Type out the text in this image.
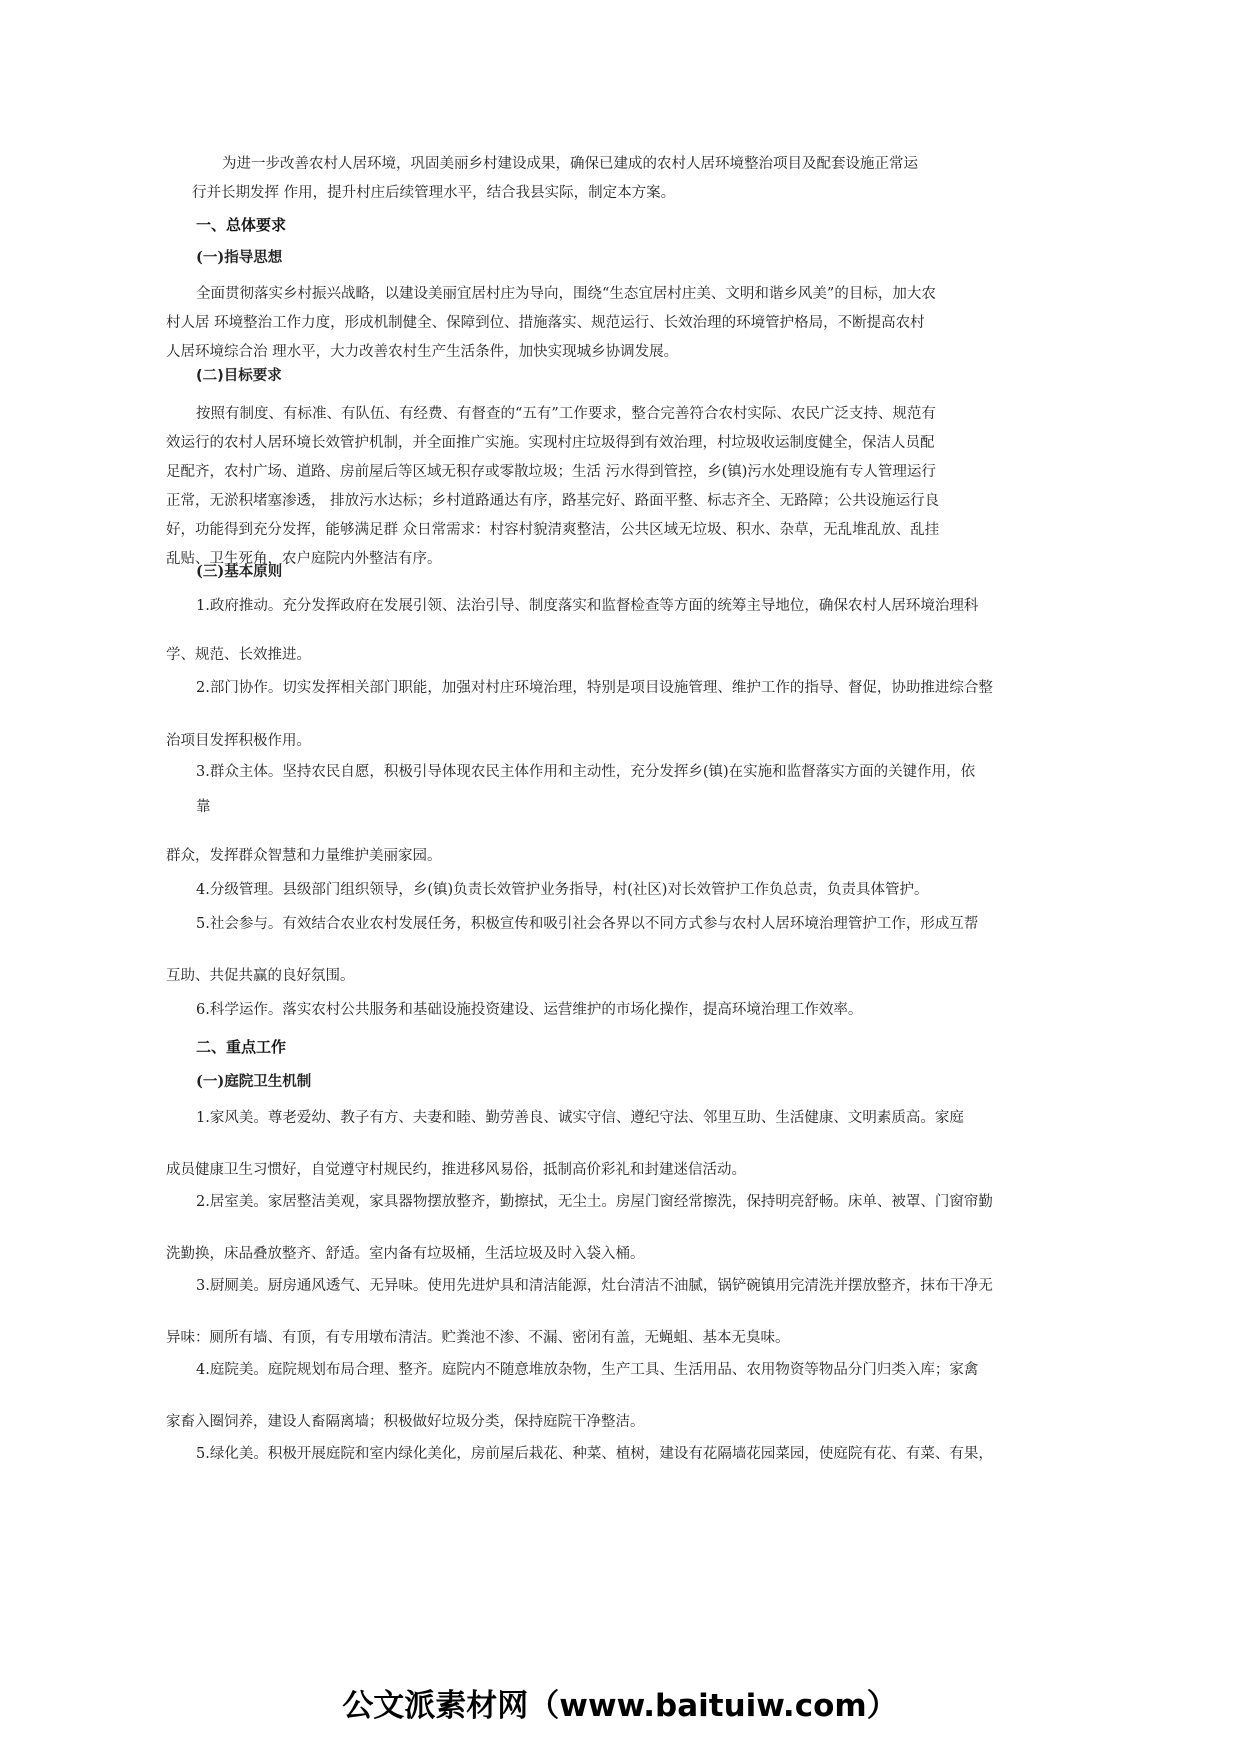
为进一步改善农村人居环境，巩固美丽乡村建设成果，确保已建成的农村人居环境整治项目及配套设施正常运行并长期发挥 作用，提升村庄后续管理水平，结合我县实际，制定本方案。

一、总体要求
(一)指导思想

全面贯彻落实乡村振兴战略，以建设美丽宜居村庄为导向，围绕“生态宜居村庄美、文明和谐乡风美”的目标，加大农村人居 环境整治工作力度，形成机制健全、保障到位、措施落实、规范运行、长效治理的环境管护格局，不断提高农村人居环境综合治 理水平，大力改善农村生产生活条件，加快实现城乡协调发展。

(二)目标要求

按照有制度、有标准、有队伍、有经费、有督查的“五有”工作要求，整合完善符合农村实际、农民广泛支持、规范有效运行的农村人居环境长效管护机制，并全面推广实施。实现村庄垃圾得到有效治理，村垃圾收运制度健全，保洁人员配足配齐，农村广场、道路、房前屋后等区域无积存或零散垃圾；生活 污水得到管控，乡(镇)污水处理设施有专人管理运行正常，无淤积堵塞渗透， 排放污水达标；乡村道路通达有序，路基完好、路面平整、标志齐全、无路障；公共设施运行良好，功能得到充分发挥，能够满足群 众日常需求：村容村貌清爽整洁，公共区域无垃圾、积水、杂草，无乱堆乱放、乱挂乱贴、卫生死角，农户庭院内外整洁有序。

(三)基本原则

1.政府推动。充分发挥政府在发展引领、法治引导、制度落实和监督检查等方面的统筹主导地位，确保农村人居环境治理科

学、规范、长效推进。

2.部门协作。切实发挥相关部门职能，加强对村庄环境治理，特别是项目设施管理、维护工作的指导、督促，协助推进综合整

治项目发挥积极作用。

3.群众主体。坚持农民自愿，积极引导体现农民主体作用和主动性，充分发挥乡(镇)在实施和监督落实方面的关键作用，依

靠

群众，发挥群众智慧和力量维护美丽家园。

4.分级管理。县级部门组织领导，乡(镇)负责长效管护业务指导，村(社区)对长效管护工作负总责，负责具体管护。

5.社会参与。有效结合农业农村发展任务，积极宣传和吸引社会各界以不同方式参与农村人居环境治理管护工作，形成互帮

互助、共促共赢的良好氛围。

6.科学运作。落实农村公共服务和基础设施投资建设、运营维护的市场化操作，提高环境治理工作效率。

二、重点工作
(一)庭院卫生机制

1.家风美。尊老爱幼、教子有方、夫妻和睦、勤劳善良、诚实守信、遵纪守法、邻里互助、生活健康、文明素质高。家庭

成员健康卫生习惯好，自觉遵守村规民约，推进移风易俗，抵制高价彩礼和封建迷信活动。

2.居室美。家居整洁美观，家具器物摆放整齐，勤擦拭，无尘土。房屋门窗经常擦洗，保持明亮舒畅。床单、被罩、门窗帘勤

洗勤换，床品叠放整齐、舒适。室内备有垃圾桶，生活垃圾及时入袋入桶。

3.厨厕美。厨房通风透气、无异味。使用先进炉具和清洁能源，灶台清洁不油腻，锅铲碗镇用完清洗并摆放整齐，抹布干净无

异味：厕所有墙、有顶，有专用墩布清洁。贮粪池不渗、不漏、密闭有盖，无蝇蛆、基本无臭味。

4.庭院美。庭院规划布局合理、整齐。庭院内不随意堆放杂物，生产工具、生活用品、农用物资等物品分门归类入库；家禽

家畜入圈饲养，建设人畜隔离墙；积极做好垃圾分类，保持庭院干净整洁。

5.绿化美。积极开展庭院和室内绿化美化，房前屋后栽花、种菜、植树，建设有花隔墙花园菜园，使庭院有花、有菜、有果，

公文派素材网（www.baituiw.com）
